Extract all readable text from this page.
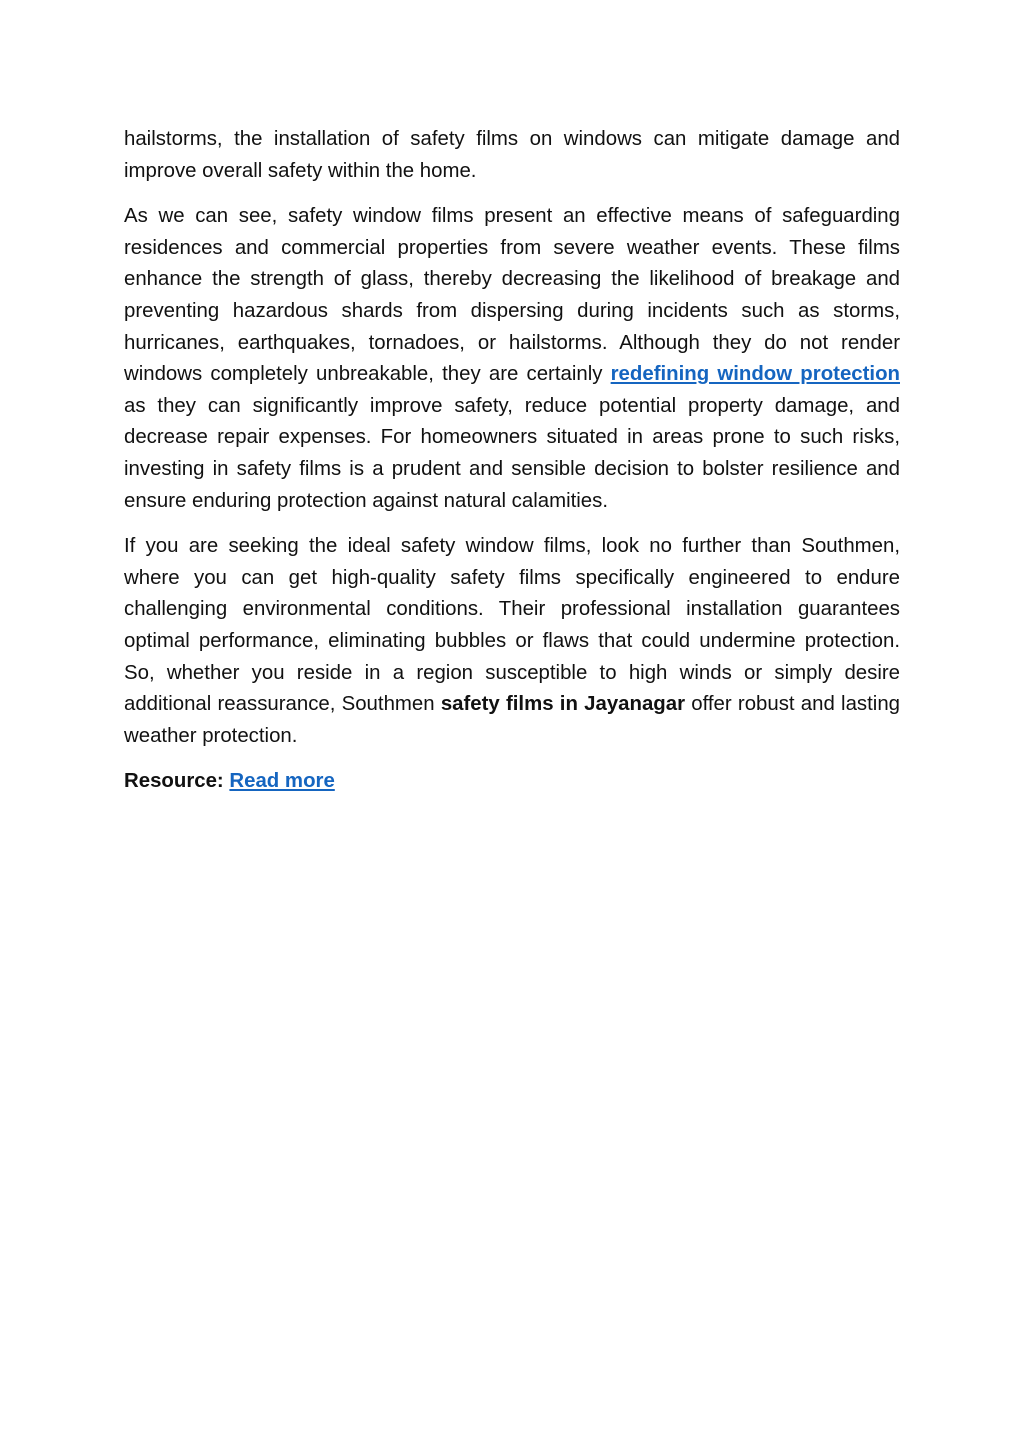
hailstorms, the installation of safety films on windows can mitigate damage and improve overall safety within the home.

As we can see, safety window films present an effective means of safeguarding residences and commercial properties from severe weather events. These films enhance the strength of glass, thereby decreasing the likelihood of breakage and preventing hazardous shards from dispersing during incidents such as storms, hurricanes, earthquakes, tornadoes, or hailstorms. Although they do not render windows completely unbreakable, they are certainly redefining window protection as they can significantly improve safety, reduce potential property damage, and decrease repair expenses. For homeowners situated in areas prone to such risks, investing in safety films is a prudent and sensible decision to bolster resilience and ensure enduring protection against natural calamities.

If you are seeking the ideal safety window films, look no further than Southmen, where you can get high-quality safety films specifically engineered to endure challenging environmental conditions. Their professional installation guarantees optimal performance, eliminating bubbles or flaws that could undermine protection. So, whether you reside in a region susceptible to high winds or simply desire additional reassurance, Southmen safety films in Jayanagar offer robust and lasting weather protection.

Resource: Read more
